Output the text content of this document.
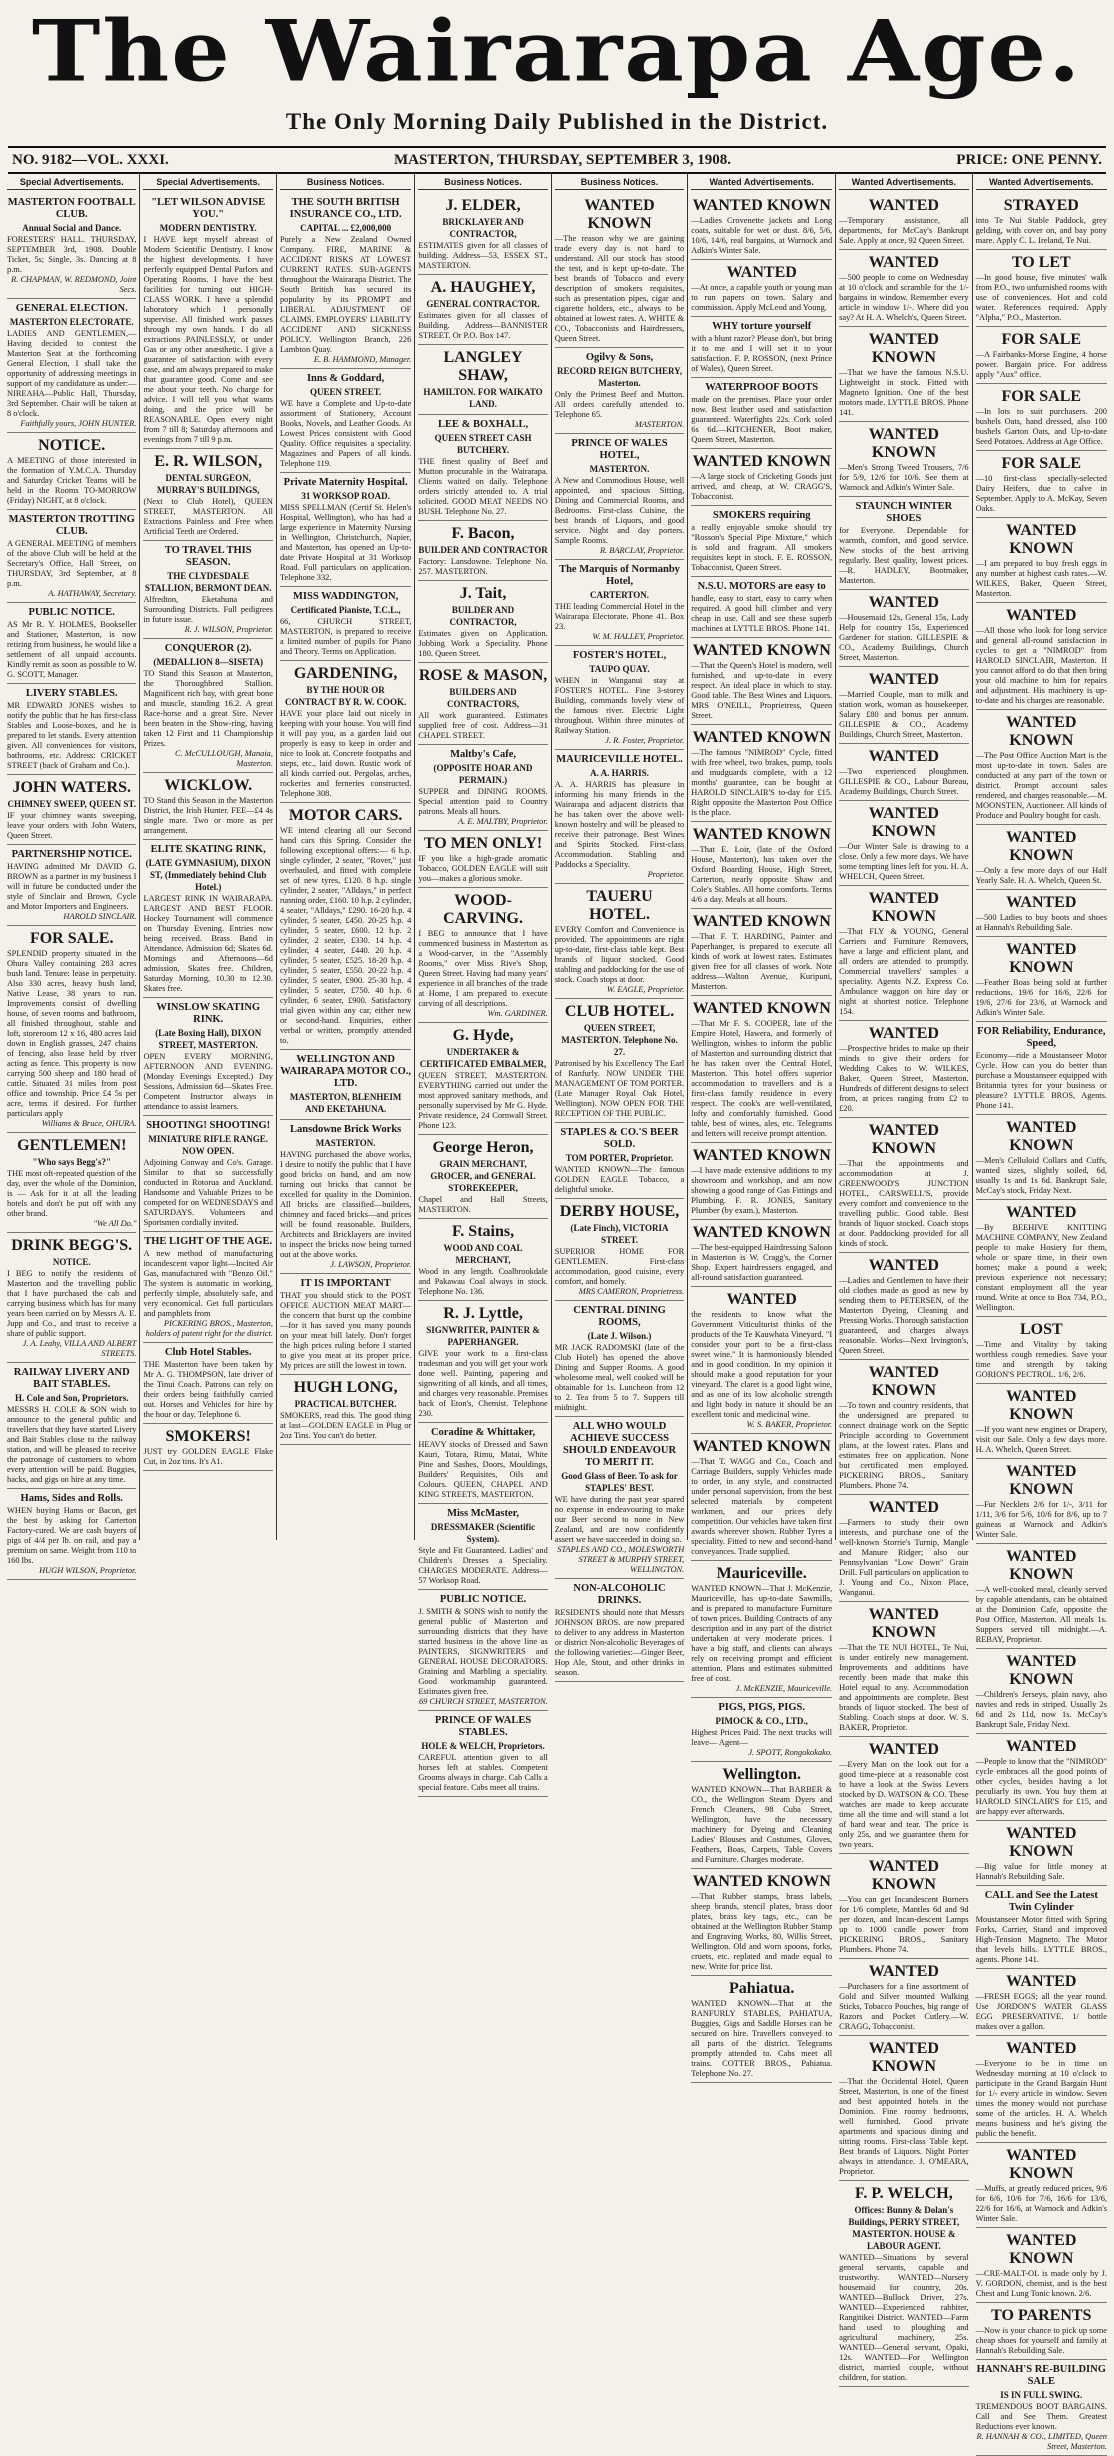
The Wairarapa Age.
The Only Morning Daily Published in the District.
NO. 9182—VOL. XXXI.	MASTERTON, THURSDAY, SEPTEMBER 3, 1908.	PRICE: ONE PENNY.
Special Advertisements.
MASTERTON FOOTBALL CLUB.
Annual Social and Dance.
FORESTERS' HALL. THURSDAY, SEPTEMBER 3rd, 1908. Double Ticket, 5s; Single, 3s. Dancing at 8 p.m.
R. CHAPMAN, W. REDMOND, Joint Secs.
GENERAL ELECTION.
MASTERTON ELECTORATE.
LADIES AND GENTLEMEN,— Having decided to contest the Masterton Seat at the forthcoming General Election, I shall take the opportunity of addressing meetings in support of my candidature as under:— NIREAHA—Public Hall, Thursday, 3rd September. Chair will be taken at 8 o'clock.
Faithfully yours, JOHN HUNTER.
NOTICE.
A MEETING of those interested in the formation of Y.M.C.A. Thursday and Saturday Cricket Teams will be held in the Rooms TO-MORROW (Friday) NIGHT, at 8 o'clock.
MASTERTON TROTTING CLUB.
A GENERAL MEETING of members of the above Club will be held at the Secretary's Office, Hall Street, on THURSDAY, 3rd September, at 8 p.m.
A. HATHAWAY, Secretary.
PUBLIC NOTICE.
AS Mr R. Y. HOLMES, Bookseller and Stationer, Masterton, is now retiring from business, he would like a settlement of all unpaid accounts. Kindly remit as soon as possible to W. G. SCOTT, Manager.
LIVERY STABLES.
MR EDWARD JONES wishes to notify the public that he has first-class Stables and Loose-boxes, and he is prepared to let stands. Every attention given. All conveniences for visitors, bathrooms, etc. Address: CRICKET STREET (back of Graham and Co.).
JOHN WATERS.
CHIMNEY SWEEP, QUEEN ST.
IF your chimney wants sweeping, leave your orders with John Waters, Queen Street.
PARTNERSHIP NOTICE.
HAVING admitted Mr DAVID G. BROWN as a partner in my business I will in future be conducted under the style of Sinclair and Brown, Cycle and Motor Importers and Engineers.
HAROLD SINCLAIR.
FOR SALE.
SPLENDID property situated in the Ohura Valley containing 283 acres bush land. Tenure: lease in perpetuity. Also 330 acres, heavy bush land, Native Lease, 38 years to run. Improvements consist of dwelling house, of seven rooms and bathroom, all finished throughout, stable and loft, storeroom 12 x 16, 480 acres laid down in English grasses, 247 chains of fencing, also lease held by river acting as fence. This property is now carrying 500 sheep and 180 head of cattle. Situated 31 miles from post office and township. Price £4 5s per acre, terms if desired. For further particulars apply
Williams & Bruce, OHURA.
GENTLEMEN!
"Who says Begg's?"
THE most oft-repeated question of the day, over the whole of the Dominion, is — Ask for it at all the leading hotels and don't be put off with any other brand.
"We All Do."
DRINK BEGG'S.
NOTICE.
I BEG to notify the residents of Masterton and the travelling public that I have purchased the cab and carrying business which has for many years been carried on by Messrs A. E. Jupp and Co., and trust to receive a share of public support.
J. A. Leahy, VILLA AND ALBERT STREETS.
RAILWAY LIVERY AND BAIT STABLES.
H. Cole and Son, Proprietors.
MESSRS H. COLE & SON wish to announce to the general public and travellers that they have started Livery and Bait Stables close to the railway station, and will be pleased to receive the patronage of customers to whom every attention will be paid. Buggies, hacks, and gigs on hire at any time.
Hams, Sides and Rolls.
WHEN buying Hams or Bacon, get the best by asking for Carterton Factory-cured. We are cash buyers of pigs of 4/4 per lb. on rail, and pay a premium on same. Weight from 110 to 160 lbs.
HUGH WILSON, Proprietor.
Special Advertisements.
"LET WILSON ADVISE YOU."
MODERN DENTISTRY.
I HAVE kept myself abreast of Modern Scientific Dentistry. I know the highest developments. I have perfectly equipped Dental Parlors and Operating Rooms. I have the best facilities for turning out HIGH-CLASS WORK. I have a splendid laboratory which I personally supervise. All finished work passes through my own hands. I do all extractions PAINLESSLY, or under Gas or any other anæsthetic. I give a guarantee of satisfaction with every case, and am always prepared to make that guarantee good. Come and see me about your teeth. No charge for advice. I will tell you what wants doing, and the price will be REASONABLE. Open every night from 7 till 8; Saturday afternoons and evenings from 7 till 9 p.m.
E. R. WILSON,
DENTAL SURGEON, MURRAY'S BUILDINGS,
(Next to Club Hotel), QUEEN STREET, MASTERTON. All Extractions Painless and Free when Artificial Teeth are Ordered.
TO TRAVEL THIS SEASON.
THE CLYDESDALE STALLION, BERMONT DEAN.
Alfredton, Eketahuna and Surrounding Districts. Full pedigrees in future issue.
R. J. WILSON, Proprietor.
CONQUEROR (2).
(MEDALLION 8—SISETA)
TO Stand this Season at Masterton, the Thoroughbred Stallion. Magnificent rich bay, with great bone and muscle, standing 16.2. A great Race-horse and a great Sire. Never been beaten in the Show-ring, having taken 12 First and 11 Championship Prizes.
C. McCULLOUGH, Manaia, Masterton.
WICKLOW.
TO Stand this Season in the Masterton District, the Irish Hunter. FEE—£4 4s single mare. Two or more as per arrangement.
ELITE SKATING RINK,
(LATE GYMNASIUM), DIXON ST, (Immediately behind Club Hotel.)
LARGEST RINK IN WAIRARAPA. LARGEST AND BEST FLOOR. Hockey Tournament will commence on Thursday Evening. Entries now being received. Brass Band in Attendance. Admission 6d; Skates 6d. Mornings and Afternoons—6d admission, Skates free. Children, Saturday Morning, 10.30 to 12.30. Skates free.
WINSLOW SKATING RINK.
(Late Boxing Hall), DIXON STREET, MASTERTON.
OPEN EVERY MORNING, AFTERNOON AND EVENING. (Monday Evenings Excepted.) Day Sessions, Admission 6d—Skates Free. Competent Instructor always in attendance to assist learners.
SHOOTING! SHOOTING!
MINIATURE RIFLE RANGE. NOW OPEN.
Adjoining Conway and Co's. Garage. Similar to that so successfully conducted in Rotorua and Auckland. Handsome and Valuable Prizes to be competed for on WEDNESDAYS and SATURDAYS. Volunteers and Sportsmen cordially invited.
THE LIGHT OF THE AGE.
A new method of manufacturing incandescent vapor light—Incited Air Gas, manufactured with "Benzo Oil." The system is automatic in working, perfectly simple, absolutely safe, and very economical. Get full particulars and pamphlets from
PICKERING BROS., Masterton, holders of patent right for the district.
Club Hotel Stables.
THE Masterton have been taken by Mr A. G. THOMPSON, late driver of the Tinui Coach. Patrons can rely on their orders being faithfully carried out. Horses and Vehicles for hire by the hour or day. Telephone 6.
SMOKERS!
JUST try GOLDEN EAGLE Flake Cut, in 2oz tins. It's A1.
Business Notices.
THE SOUTH BRITISH INSURANCE CO., LTD.
CAPITAL ... £2,000,000
Purely a New Zealand Owned Company. FIRE, MARINE & ACCIDENT RISKS AT LOWEST CURRENT RATES. SUB-AGENTS throughout the Wairarapa District. The South British has secured its popularity by its PROMPT and LIBERAL ADJUSTMENT OF CLAIMS. EMPLOYERS' LIABILITY ACCIDENT AND SICKNESS POLICY. Wellington Branch, 226 Lambton Quay.
E. B. HAMMOND, Manager.
Inns & Goddard,
QUEEN STREET.
WE have a Complete and Up-to-date assortment of Stationery, Account Books, Novels, and Leather Goods. At Lowest Prices consistent with Good Quality. Office requisites a speciality. Magazines and Papers of all kinds. Telephone 119.
Private Maternity Hospital.
31 WORKSOP ROAD.
MISS SPELLMAN (Certif St. Helen's Hospital, Wellington), who has had a large experience in Maternity Nursing in Wellington, Christchurch, Napier, and Masterton, has opened an Up-to-date Private Hospital at 31 Worksop Road. Full particulars on application. Telephone 332.
MISS WADDINGTON,
Certificated Pianiste, T.C.L.,
66, CHURCH STREET, MASTERTON, is prepared to receive a limited number of pupils for Piano and Theory. Terms on Application.
GARDENING,
BY THE HOUR OR CONTRACT BY R. W. COOK.
HAVE your place laid out nicely in keeping with your house. You will find it will pay you, as a garden laid out properly is easy to keep in order and nice to look at. Concrete footpaths and steps, etc., laid down. Rustic work of all kinds carried out. Pergolas, arches, rockeries and ferneries constructed. Telephone 308.
MOTOR CARS.
WE intend clearing all our Second hand cars this Spring. Consider the following exceptional offers:— 6 h.p. single cylinder, 2 seater, "Rover," just overhauled, and fitted with complete set of new tyres, £120. 8 h.p. single cylinder, 2 seater, "Alldays," in perfect running order, £160. 10 h.p. 2 cylinder, 4 seater, "Alldays," £290. 16-20 h.p. 4 cylinder, 5 seater, £450. 20-25 h.p. 4 cylinder, 5 seater, £600. 12 h.p. 2 cylinder, 2 seater, £330. 14 h.p. 4 cylinder, 4 seater, £440. 20 h.p. 4 cylinder, 5 seater, £525. 18-20 h.p. 4 cylinder, 5 seater, £550. 20-22 h.p. 4 cylinder, 5 seater, £900. 25-30 h.p. 4 cylinder, 5 seater, £750. 40 h.p. 6 cylinder, 6 seater, £900. Satisfactory trial given within any car, either new or second-hand. Enquiries, either verbal or written, promptly attended to.
WELLINGTON AND WAIRARAPA MOTOR CO., LTD.
MASTERTON, BLENHEIM AND EKETAHUNA.
Lansdowne Brick Works
MASTERTON.
HAVING purchased the above works, I desire to notify the public that I have good bricks on hand, and am now turning out bricks that cannot be excelled for quality in the Dominion. All bricks are classified—builders, chimney and faced bricks—and prices will be found reasonable. Builders, Architects and Bricklayers are invited to inspect the bricks now being turned out at the above works.
J. LAWSON, Proprietor.
IT IS IMPORTANT
THAT you should stick to the POST OFFICE AUCTION MEAT MART—the concern that burst up the combine—for it has saved you many pounds on your meat bill lately. Don't forget the high prices ruling before I started to give you meat at its proper price. My prices are still the lowest in town.
HUGH LONG,
PRACTICAL BUTCHER.
SMOKERS, read this. The good thing at last—GOLDEN EAGLE in Plug or 2oz Tins. You can't do better.
Business Notices.
J. ELDER,
BRICKLAYER AND CONTRACTOR,
ESTIMATES given for all classes of building. Address—53, ESSEX ST., MASTERTON.
A. HAUGHEY,
GENERAL CONTRACTOR.
Estimates given for all classes of Building. Address—BANNISTER STREET. Or P.O. Box 147.
LANGLEY SHAW,
HAMILTON. FOR WAIKATO LAND.
LEE & BOXHALL,
QUEEN STREET CASH BUTCHERY.
THE finest quality of Beef and Mutton procurable in the Wairarapa. Clients waited on daily. Telephone orders strictly attended to. A trial solicited. GOOD MEAT NEEDS NO BUSH. Telephone No. 27.
F. Bacon,
BUILDER AND CONTRACTOR
Factory: Lansdowne. Telephone No. 257. MASTERTON.
J. Tait,
BUILDER AND CONTRACTOR,
Estimates given on Application. Jobbing Work a Speciality. Phone 180. Queen Street.
ROSE & MASON,
BUILDERS AND CONTRACTORS,
All work guaranteed. Estimates supplied free of cost. Address—31 CHAPEL STREET.
Maltby's Cafe,
(OPPOSITE HOAR AND PERMAIN.)
SUPPER and DINING ROOMS. Special attention paid to Country patrons. Meals all hours.
A. E. MALTBY, Proprietor.
TO MEN ONLY!
IF you like a high-grade aromatic Tobacco, GOLDEN EAGLE will suit you—makes a glorious smoke.
WOOD-CARVING.
I BEG to announce that I have commenced business in Masterton as a Wood-carver, in the "Assembly Rooms," over Miss Rive's Shop, Queen Street. Having had many years' experience in all branches of the trade at Home, I am prepared to execute carving of all descriptions.
Wm. GARDINER.
G. Hyde,
UNDERTAKER & CERTIFICATED EMBALMER,
QUEEN STREET, MASTERTON. EVERYTHING carried out under the most approved sanitary methods, and personally supervised by Mr G. Hyde. Private residence, 24 Cornwall Street. Phone 123.
George Heron,
GRAIN MERCHANT, GROCER, and GENERAL STOREKEEPER,
Chapel and Hall Streets, MASTERTON.
F. Stains,
WOOD AND COAL MERCHANT,
Wood in any length. Coalbrookdale and Pakawau Coal always in stock. Telephone No. 136.
R. J. Lyttle,
SIGNWRITER, PAINTER & PAPERHANGER.
GIVE your work to a first-class tradesman and you will get your work done well. Painting, papering and signwriting of all kinds, and all times, and charges very reasonable. Premises back of Eton's, Chemist. Telephone 230.
Coradine & Whittaker,
HEAVY stocks of Dressed and Sawn Kauri, Totara, Rimu, Matai, White Pine and Sashes, Doors, Mouldings, Builders' Requisites, Oils and Colours. QUEEN, CHAPEL AND KING STREETS, MASTERTON.
Miss McMaster,
DRESSMAKER (Scientific System).
Style and Fit Guaranteed. Ladies' and Children's Dresses a Speciality. CHARGES MODERATE. Address—57 Worksop Road.
PUBLIC NOTICE.
J. SMITH & SONS wish to notify the general public of Masterton and surrounding districts that they have started business in the above line as PAINTERS, SIGNWRITERS and GENERAL HOUSE DECORATORS. Graining and Marbling a speciality. Good workmanship guaranteed. Estimates given free.
69 CHURCH STREET, MASTERTON.
PRINCE OF WALES STABLES.
HOLE & WELCH, Proprietors.
CAREFUL attention given to all horses left at stables. Competent Grooms always in charge. Cab Calls a special feature. Cabs meet all trains.
Business Notices.
WANTED KNOWN
—The reason why we are gaining trade every day is not hard to understand. All our stock has stood the test, and is kept up-to-date. The best brands of Tobacco and every description of smokers requisites, such as presentation pipes, cigar and cigarette holders, etc., always to be obtained at lowest rates. A. WHITE & CO., Tobacconists and Hairdressers, Queen Street.
Ogilvy & Sons,
RECORD REIGN BUTCHERY, Masterton.
Only the Primest Beef and Mutton. All orders carefully attended to. Telephone 65.
MASTERTON.
PRINCE OF WALES HOTEL,
MASTERTON.
A New and Commodious House, well appointed, and spacious Sitting, Dining and Commercial Rooms, and Bedrooms. First-class Cuisine, the best brands of Liquors, and good service. Night and day porters. Sample Rooms.
R. BARCLAY, Proprietor.
The Marquis of Normanby Hotel,
CARTERTON.
THE leading Commercial Hotel in the Wairarapa Electorate. Phone 41. Box 23.
W. M. HALLEY, Proprietor.
FOSTER'S HOTEL,
TAUPO QUAY.
WHEN in Wanganui stay at FOSTER'S HOTEL. Fine 3-storey Building, commands lovely view of the famous river. Electric Light throughout. Within three minutes of Railway Station.
J. R. Foster, Proprietor.
MAURICEVILLE HOTEL.
A. A. HARRIS.
A. A. HARRIS has pleasure in informing his many friends in the Wairarapa and adjacent districts that he has taken over the above well-known hostelry and will be pleased to receive their patronage. Best Wines and Spirits Stocked. First-class Accommodation. Stabling and Paddocks a Speciality.
Proprietor.
TAUERU HOTEL.
EVERY Comfort and Convenience is provided. The appointments are right up-to-date, first-class table kept. Best brands of liquor stocked. Good stabling and paddocking for the use of stock. Coach stops at door.
W. EAGLE, Proprietor.
CLUB HOTEL.
QUEEN STREET, MASTERTON. Telephone No. 27.
Patronised by his Excellency The Earl of Ranfurly. NOW UNDER THE MANAGEMENT OF TOM PORTER. (Late Manager Royal Oak Hotel, Wellington). NOW OPEN FOR THE RECEPTION OF THE PUBLIC.
STAPLES & CO.'S BEER SOLD.
TOM PORTER, Proprietor.
WANTED KNOWN—The famous GOLDEN EAGLE Tobacco, a delightful smoke.
DERBY HOUSE,
(Late Finch), VICTORIA STREET.
SUPERIOR HOME FOR GENTLEMEN. First-class accommodation, good cuisine, every comfort, and homely.
MRS CAMERON, Proprietress.
CENTRAL DINING ROOMS,
(Late J. Wilson.)
MR JACK RADOMSKI (late of the Club Hotel) has opened the above Dining and Supper Rooms. A good wholesome meal, well cooked will be obtainable for 1s. Luncheon from 12 to 2. Tea from 5 to 7. Suppers till midnight.
ALL WHO WOULD ACHIEVE SUCCESS SHOULD ENDEAVOUR TO MERIT IT.
Good Glass of Beer. To ask for STAPLES' BEST.
WE have during the past year spared no expense in endeavouring to make our Beer second to none in New Zealand, and are now confidently assert we have succeeded in doing so.
STAPLES AND CO., MOLESWORTH STREET & MURPHY STREET, WELLINGTON.
NON-ALCOHOLIC DRINKS.
RESIDENTS should note that Messrs JOHNSON BROS. are now prepared to deliver to any address in Masterton or district Non-alcoholic Beverages of the following varieties:—Ginger Beer, Hop Ale, Stout, and other drinks in season.
Wanted Advertisements.
WANTED KNOWN
—Ladies Crovenette jackets and Long coats, suitable for wet or dust. 8/6, 5/6, 10/6, 14/6, real bargains, at Warnock and Adkin's Winter Sale.
WANTED
—At once, a capable youth or young man to run papers on town. Salary and commission. Apply McLeod and Young.
WHY torture yourself
with a blunt razor? Please don't, but bring it to me and I will set it to your satisfaction. F. P. ROSSON, (next Prince of Wales), Queen Street.
WATERPROOF BOOTS
made on the premises. Place your order now. Best leather used and satisfaction guaranteed. Waterfights 22s. Cork soled 6s 6d.—KITCHENER, Boot maker, Queen Street, Masterton.
WANTED KNOWN
—A large stock of Cricketing Goods just arrived, and cheap, at W. CRAGG'S, Tobacconist.
SMOKERS requiring
a really enjoyable smoke should try "Rosson's Special Pipe Mixture," which is sold and fragrant. All smokers requisites kept in stock. F. E. ROSSON, Tobacconist, Queen Street.
N.S.U. MOTORS are easy to
handle, easy to start, easy to carry when required. A good hill climber and very cheap in use. Call and see these superb machines at LYTTLE BROS. Phone 141.
WANTED KNOWN
—That the Queen's Hotel is modern, well furnished, and up-to-date in every respect. An ideal place in which to stay. Good table. The Best Wines and Liquors. MRS O'NEILL, Proprietress, Queen Street.
WANTED KNOWN
—The famous "NIMROD" Cycle, fitted with free wheel, two brakes, pump, tools and mudguards complete, with a 12 months' guarantee, can be bought at HAROLD SINCLAIR'S to-day for £15. Right opposite the Masterton Post Office is the place.
WANTED KNOWN
—That E. Loir, (late of the Oxford House, Masterton), has taken over the Oxford Boarding House, High Street, Carterton, nearly opposite Shaw and Cole's Stables. All home comforts. Terms 4/6 a day. Meals at all hours.
WANTED KNOWN
—That F. T. HARDING, Painter and Paperhanger, is prepared to execute all kinds of work at lowest rates. Estimates given free for all classes of work. Note address—Walton Avenue, Kuripuni, Masterton.
WANTED KNOWN
—That Mr F. S. COOPER, late of the Empire Hotel, Hawera, and formerly of Wellington, wishes to inform the public of Masterton and surrounding district that he has taken over the Central Hotel, Masterton. This hotel offers superior accommodation to travellers and is a first-class family residence in every respect. The cook's are well-ventilated, lofty and comfortably furnished. Good table, best of wines, ales, etc. Telegrams and letters will receive prompt attention.
WANTED KNOWN
—I have made extensive additions to my showroom and workshop, and am now showing a good range of Gas Fittings and Plumbing. F. R. JONES, Sanitary Plumber (by exam.), Masterton.
WANTED KNOWN
—The best-equipped Hairdressing Saloon in Masterton is W. Cragg's, the Corner Shop. Expert hairdressers engaged, and all-round satisfaction guaranteed.
WANTED
the residents to know what the Government Viticulturist thinks of the products of the Te Kauwhata Vineyard. "I consider your port to be a first-class sweet wine." It is harmoniously blended and in good condition. In my opinion it should make a good reputation for your vineyard. The claret is a good light wine, and as one of its low alcoholic strength and light body in nature it should be an excellent tonic and medicinal wine.
W. S. BAKER, Proprietor.
WANTED KNOWN
—That T. WAGG and Co., Coach and Carriage Builders, supply Vehicles made to order, in any style, and constructed under personal supervision, from the best selected materials by competent workmen, and our prices defy competition. Our vehicles have taken first awards wherever shown. Rubber Tyres a speciality. Fitted to new and second-hand conveyances. Trade supplied.
Mauriceville.
WANTED KNOWN—That J. McKenzie, Mauriceville, has up-to-date Sawmills, and is prepared to manufacture Furniture of town prices. Building Contracts of any description and in any part of the district undertaken at very moderate prices. I have a big staff, and clients can always rely on receiving prompt and efficient attention. Plans and estimates submitted free of cost.
J. McKENZIE, Mauriceville.
PIGS, PIGS, PIGS.
PIMOCK & CO., LTD.,
Highest Prices Paid. The next trucks will leave— Agent—
J. SPOTT, Rongokokako.
Wellington.
WANTED KNOWN—That BARBER & CO., the Wellington Steam Dyers and French Cleaners, 98 Cuba Street, Wellington, have the necessary machinery for Dyeing and Cleaning Ladies' Blouses and Costumes, Gloves, Feathers, Boas, Carpets, Table Covers and Furniture. Charges moderate.
WANTED KNOWN
—That Rubber stamps, brass labels, sheep brands, stencil plates, brass door plates, brass key tags, etc., can be obtained at the Wellington Rubber Stamp and Engraving Works, 80, Willis Street, Wellington. Old and worn spoons, forks, cruets, etc. replated and made equal to new. Write for price list.
Pahiatua.
WANTED KNOWN—That at the RANFURLY STABLES, PAHIATUA, Buggies, Gigs and Saddle Horses can be secured on hire. Travellers conveyed to all parts of the district. Telegrams promptly attended to. Cabs meet all trains. COTTER BROS., Pahiatua. Telephone No. 27.
Wanted Advertisements.
WANTED
—Temporary assistance, all departments, for McCay's Bankrupt Sale. Apply at once, 92 Queen Street.
WANTED
—500 people to come on Wednesday at 10 o'clock and scramble for the 1/- bargains in window. Remember every article in window 1/-. Where did you say? At H. A. Whelch's, Queen Street.
WANTED KNOWN
—That we have the famous N.S.U. Lightweight in stock. Fitted with Magneto Ignition. One of the best motors made. LYTTLE BROS. Phone 141.
WANTED KNOWN
—Men's Strong Tweed Trousers, 7/6 for 5/9, 12/6 for 10/6. See them at Warnock and Adkin's Winter Sale.
STAUNCH WINTER SHOES
for Everyone. Dependable for warmth, comfort, and good service. New stocks of the best arriving regularly. Best quality, lowest prices.—R. HADLEY, Bootmaker, Masterton.
WANTED
—Housemaid 12s, General 15s, Lady Help for country 15s, Experienced Gardener for station. GILLESPIE & CO., Academy Buildings, Church Street, Masterton.
WANTED
—Married Couple, man to milk and station work, woman as housekeeper. Salary £80 and bonus per annum. GILLESPIE & CO., Academy Buildings, Church Street, Masterton.
WANTED
—Two experienced ploughmen. GILLESPIE & CO., Labour Bureau, Academy Buildings, Church Street.
WANTED KNOWN
—Our Winter Sale is drawing to a close. Only a few more days. We have some tempting lines left for you. H. A. WHELCH, Queen Street.
WANTED KNOWN
—That FLY & YOUNG, General Carriers and Furniture Removers, have a large and efficient plant, and all orders are attended to promptly. Commercial travellers' samples a speciality. Agents N.Z. Express Co. Ambulance waggon on hire day or night at shortest notice. Telephone 154.
WANTED
—Prospective brides to make up their minds to give their orders for Wedding Cakes to W. WILKES, Baker, Queen Street, Masterton. Hundreds of different designs to select from, at prices ranging from £2 to £20.
WANTED KNOWN
—That the appointments and accommodation at J. GREENWOOD'S JUNCTION HOTEL, CARSWELL'S, provide every comfort and convenience to the travelling public. Good table. Best brands of liquor stocked. Coach stops at door. Paddocking provided for all kinds of stock.
WANTED
—Ladies and Gentlemen to have their old clothes made as good as new by sending them to PETERSEN, of the Masterton Dyeing, Cleaning and Pressing Works. Thorough satisfaction guaranteed, and charges always reasonable. Works—Next Irvington's, Queen Street.
WANTED KNOWN
—To town and country residents, that the undersigned are prepared to connect drainage work on the Septic Principle according to Government plans, at the lowest rates. Plans and estimates free on application. None but certificated men employed. PICKERING BROS., Sanitary Plumbers. Phone 74.
WANTED
—Farmers to study their own interests, and purchase one of the well-known Storrie's Turnip, Mangle and Manure Ridger; also our Pennsylvanian "Low Down" Grain Drill. Full particulars on application to J. Young and Co., Nixon Place, Wanganui.
WANTED KNOWN
—That the TE NUI HOTEL, Te Nui, is under entirely new management. Improvements and additions have recently been made that make this Hotel equal to any. Accommodation and appointments are complete. Best brands of liquor stocked. The best of Stabling. Coach stops at door. W. S. BAKER, Proprietor.
WANTED
—Every Man on the look out for a good time-piece at a reasonable cost to have a look at the Swiss Levers stocked by D. WATSON & CO. These watches are made to keep accurate time all the time and will stand a lot of hard wear and tear. The price is only 25s, and we guarantee them for two years.
WANTED KNOWN
—You can get Incandescent Burners for 1/6 complete, Mantles 6d and 9d per dozen, and Incan-descent Lamps up to 1000 candle power from PICKERING BROS., Sanitary Plumbers. Phone 74.
WANTED
—Purchasers for a fine assortment of Gold and Silver mounted Walking Sticks, Tobacco Pouches, big range of Razors and Pocket Cutlery.—W. CRAGG, Tobacconist.
WANTED KNOWN
—That the Occidental Hotel, Queen Street, Masterton, is one of the finest and best appointed hotels in the Dominion. Fine roomy bedrooms, well furnished. Good private apartments and spacious dining and sitting rooms. First-class Table kept. Best brands of Liquors. Night Porter always in attendance. J. O'MEARA, Proprietor.
F. P. WELCH,
Offices: Bunny & Dolan's Buildings, PERRY STREET, MASTERTON. HOUSE & LABOUR AGENT.
WANTED—Situations by several general servants, capable and trustworthy. WANTED—Nursery housemaid for country, 20s. WANTED—Bullock Driver, 27s. WANTED—Experienced rabbiter, Rangitikei District. WANTED—Farm hand used to ploughing and agricultural machinery, 25s. WANTED—General servant, Opaki, 12s. WANTED—For Wellington district, married couple, without children, for station.
Wanted Advertisements.
STRAYED
into Te Nui Stable Paddock, grey gelding, with cover on, and bay pony mare. Apply C. L. Ireland, Te Nui.
TO LET
—In good house, five minutes' walk from P.O., two unfurnished rooms with use of conveniences. Hot and cold water. References required. Apply "Alpha," P.O., Masterton.
FOR SALE
—A Fairbanks-Morse Engine, 4 horse power. Bargain price. For address apply "Aux" office.
FOR SALE
—In lots to suit purchasers. 200 bushels Oats, hand dressed, also 100 bushels Garton Oats, and Up-to-date Seed Potatoes. Address at Age Office.
FOR SALE
—10 first-class specially-selected Dairy Heifers, due to calve in September. Apply to A. McKay, Seven Oaks.
WANTED KNOWN
—I am prepared to buy fresh eggs in any number at highest cash rates.—W. WILKES, Baker, Queen Street, Masterton.
WANTED
—All those who look for long service and general all-round satisfaction in cycles to get a "NIMROD" from HAROLD SINCLAIR, Masterton. If you cannot afford to do that then bring your old machine to him for repairs and adjustment. His machinery is up-to-date and his charges are reasonable.
WANTED KNOWN
—The Post Office Auction Mart is the most up-to-date in town. Sales are conducted at any part of the town or district. Prompt account sales rendered, and charges reasonable.—M. MOONSTEN, Auctioneer. All kinds of Produce and Poultry bought for cash.
WANTED KNOWN
—Only a few more days of our Half Yearly Sale. H. A. Whelch, Queen St.
WANTED
—500 Ladies to buy boots and shoes at Hannah's Rebuilding Sale.
WANTED KNOWN
—Feather Boas being sold at further reductions. 19/6 for 16/6, 22/6 for 19/6, 27/6 for 23/6, at Warnock and Adkin's Winter Sale.
FOR Reliability, Endurance, Speed,
Economy—ride a Moustanseer Motor Cycle. How can you do better than purchase a Moustanseer equipped with Britannia tyres for your business or pleasure? LYTTLE BROS, Agents. Phone 141.
WANTED KNOWN
—Men's Celluloid Collars and Cuffs, wanted sizes, slightly soiled, 6d, usually 1s and 1s 6d. Bankrupt Sale, McCay's stock, Friday Next.
WANTED
—By BEEHIVE KNITTING MACHINE COMPANY, New Zealand people to make Hosiery for them, whole or spare time, in their own homes; make a pound a week; previous experience not necessary; constant employment all the year round. Write at once to Box 734, P.O., Wellington.
LOST
—Time and Vitality by taking worthless cough remedies. Save your time and strength by taking GORION'S PECTROL. 1/6, 2/6.
WANTED KNOWN
—If you want new engines or Drapery, visit our Sale. Only a few days more. H. A. Whelch, Queen Street.
WANTED KNOWN
—Fur Necklets 2/6 for 1/-, 3/11 for 1/11, 3/6 for 5/6, 10/6 for 8/6, up to 7 guineas at Warnock and Adkin's Winter Sale.
WANTED KNOWN
—A well-cooked meal, cleanly served by capable attendants, can be obtained at the Dominion Cafe, opposite the Post Office, Masterton. All meals 1s. Suppers served till midnight.—A. REBAY, Proprietor.
WANTED KNOWN
—Children's Jerseys, plain navy, also navies and reds in striped. Usually 2s 6d and 2s 11d, now 1s. McCay's Bankrupt Sale, Friday Next.
WANTED
—People to know that the "NIMROD" cycle embraces all the good points of other cycles, besides having a lot peculiarly its own. You buy them at HAROLD SINCLAIR'S for £15, and are happy ever afterwards.
WANTED KNOWN
—Big value for little money at Hannah's Rebuilding Sale.
CALL and See the Latest Twin Cylinder
Moustanseer Motor fitted with Spring Forks, Carrier, Stand and improved High-Tension Magneto. The Motor that levels hills. LYTTLE BROS., agents. Phone 141.
WANTED
—FRESH EGGS; all the year round. Use JORDON'S WATER GLASS EGG PRESERVATIVE. 1/ bottle makes over a gallon.
WANTED
—Everyone to be in time on Wednesday morning at 10 o'clock to participate in the Grand Bargain Hunt for 1/- every article in window. Seven times the money would not purchase some of the articles. H. A. Whelch means business and he's giving the public the benefit.
WANTED KNOWN
—Muffs, at greatly reduced prices, 9/6 for 6/6, 10/6 for 7/6, 16/6 for 13/6, 22/6 for 16/6, at Warnock and Adkin's Winter Sale.
WANTED KNOWN
—CRE-MALT-OL is made only by J. V. GORDON, chemist, and is the best Chest and Lung Tonic known. 2/6.
TO PARENTS
—Now is your chance to pick up some cheap shoes for yourself and family at Hannah's Rebuilding Sale.
HANNAH'S RE-BUILDING SALE
IS IN FULL SWING.
TREMENDOUS BOOT BARGAINS. Call and See Them. Greatest Reductions ever known.
R. HANNAH & CO., LIMITED, Queen Street, Masterton.
